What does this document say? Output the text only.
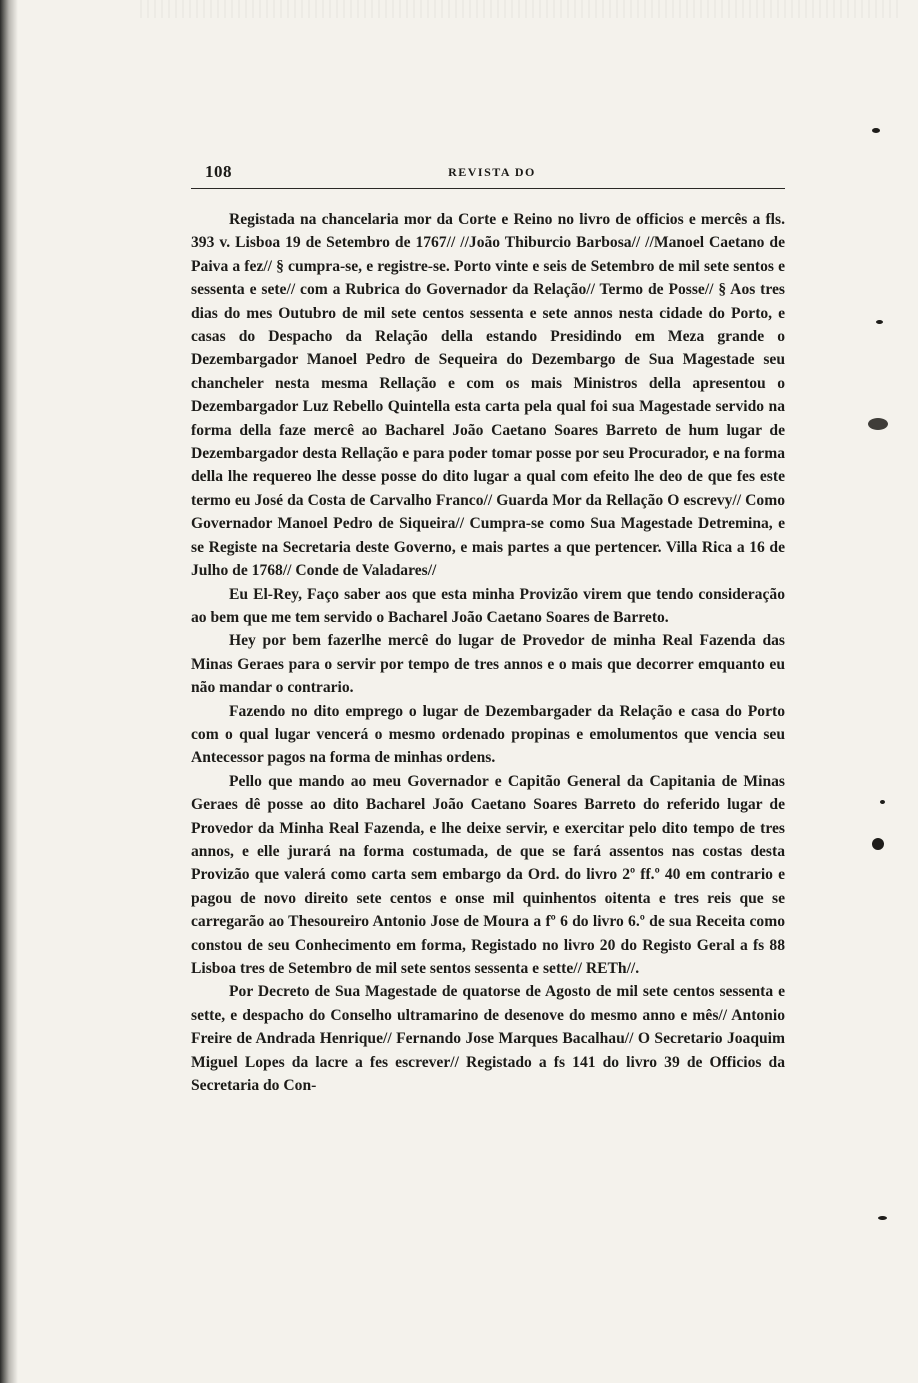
108	REVISTA DO

Registada na chancelaria mor da Corte e Reino no livro de officios e mercês a fls. 393 v. Lisboa 19 de Setembro de 1767// //João Thiburcio Barbosa// //Manoel Caetano de Paiva a fez// § cumpra-se, e registre-se. Porto vinte e seis de Setembro de mil sete sentos e sessenta e sete// com a Rubrica do Governador da Relação// Termo de Posse// § Aos tres dias do mes Outubro de mil sete centos sessenta e sete annos nesta cidade do Porto, e casas do Despacho da Relação della estando Presidindo em Meza grande o Dezembargador Manoel Pedro de Sequeira do Dezembargo de Sua Magestade seu chancheler nesta mesma Rellação e com os mais Ministros della apresentou o Dezembargador Luz Rebello Quintella esta carta pela qual foi sua Magestade servido na forma della faze mercê ao Bacharel João Caetano Soares Barreto de hum lugar de Dezembargador desta Rellação e para poder tomar posse por seu Procurador, e na forma della lhe requereo lhe desse posse do dito lugar a qual com efeito lhe deo de que fes este termo eu José da Costa de Carvalho Franco// Guarda Mor da Rellação O escrevy// Como Governador Manoel Pedro de Siqueira// Cumpra-se como Sua Magestade Detremina, e se Registe na Secretaria deste Governo, e mais partes a que pertencer. Villa Rica a 16 de Julho de 1768// Conde de Valadares//

Eu El-Rey, Faço saber aos que esta minha Provizão virem que tendo consideração ao bem que me tem servido o Bacharel João Caetano Soares de Barreto.

Hey por bem fazerlhe mercê do lugar de Provedor de minha Real Fazenda das Minas Geraes para o servir por tempo de tres annos e o mais que decorrer emquanto eu não mandar o contrario.

Fazendo no dito emprego o lugar de Dezembargader da Relação e casa do Porto com o qual lugar vencerá o mesmo ordenado propinas e emolumentos que vencia seu Antecessor pagos na forma de minhas ordens.

Pello que mando ao meu Governador e Capitão General da Capitania de Minas Geraes dê posse ao dito Bacharel João Caetano Soares Barreto do referido lugar de Provedor da Minha Real Fazenda, e lhe deixe servir, e exercitar pelo dito tempo de tres annos, e elle jurará na forma costumada, de que se fará assentos nas costas desta Provizão que valerá como carta sem embargo da Ord. do livro 2º ff.º 40 em contrario e pagou de novo direito sete centos e onse mil quinhentos oitenta e tres reis que se carregarão ao Thesoureiro Antonio Jose de Moura a fº 6 do livro 6.º de sua Receita como constou de seu Conhecimento em forma, Registado no livro 20 do Registo Geral a fs 88 Lisboa tres de Setembro de mil sete sentos sessenta e sette// RETh//.

Por Decreto de Sua Magestade de quatorse de Agosto de mil sete centos sessenta e sette, e despacho do Conselho ultramarino de desenove do mesmo anno e mês// Antonio Freire de Andrada Henrique// Fernando Jose Marques Bacalhau// O Secretario Joaquim Miguel Lopes da lacre a fes escrever// Registado a fs 141 do livro 39 de Officios da Secretaria do Con-
